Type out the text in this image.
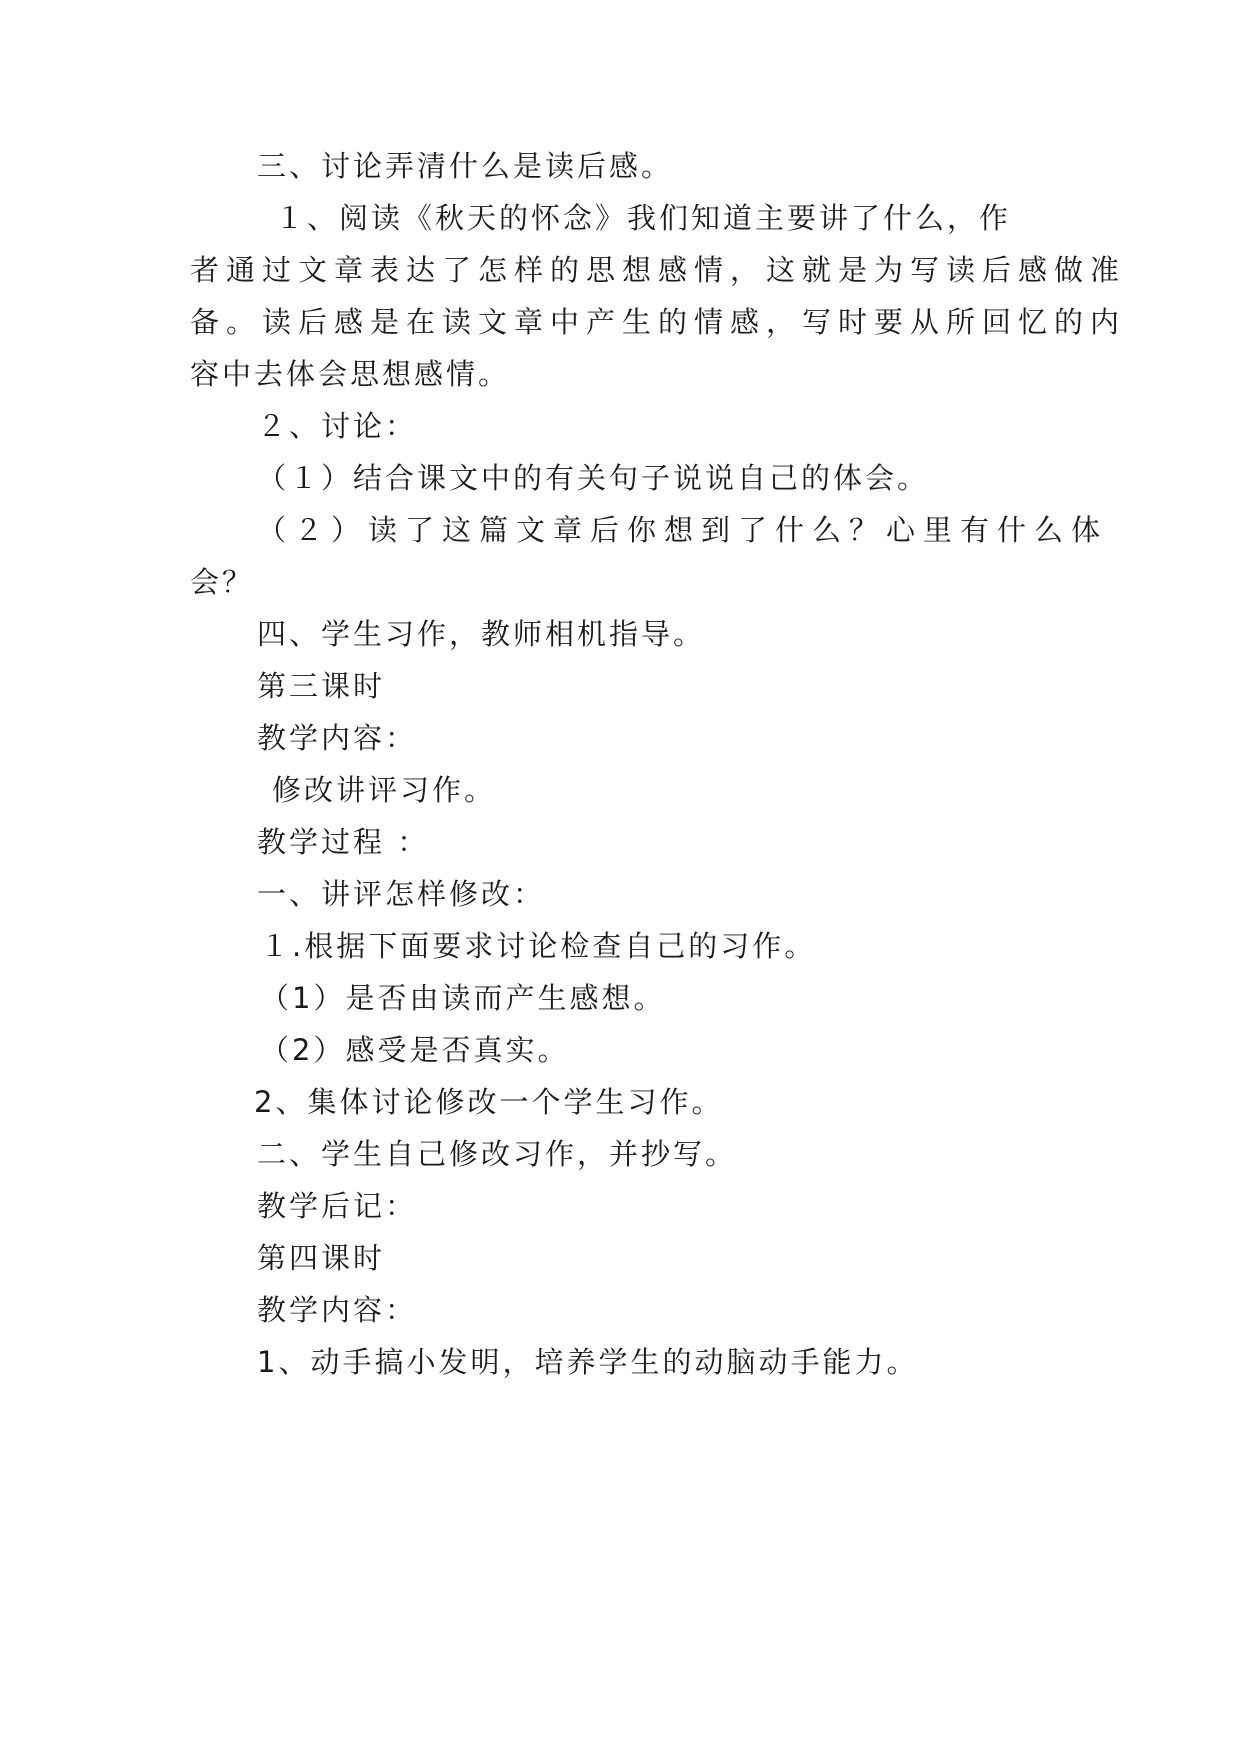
三、讨论弄清什么是读后感。
１、阅读《秋天的怀念》我们知道主要讲了什么，作
者通过文章表达了怎样的思想感情，这就是为写读后感做准
备。读后感是在读文章中产生的情感，写时要从所回忆的内
容中去体会思想感情。
２、讨论：
（１）结合课文中的有关句子说说自己的体会。
（２）读了这篇文章后你想到了什么？心里有什么体
会？
四、学生习作，教师相机指导。
第三课时
教学内容：
修改讲评习作。
教学过程 ：
一、讲评怎样修改：
１.根据下面要求讨论检查自己的习作。
（1）是否由读而产生感想。
（2）感受是否真实。
2、集体讨论修改一个学生习作。
二、学生自己修改习作，并抄写。
教学后记：
第四课时
教学内容：
1、动手搞小发明，培养学生的动脑动手能力。
